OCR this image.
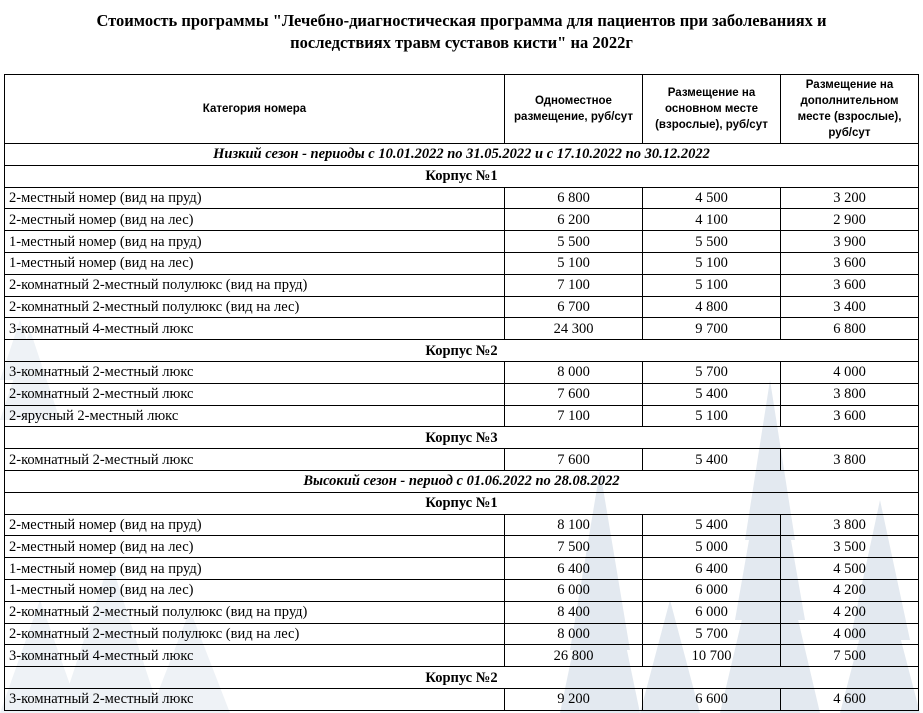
Стоимость программы "Лечебно-диагностическая программа для пациентов при заболеваниях и
последствиях травм суставов кисти" на 2022г
Категория номера	Одноместное размещение, руб/сут	Размещение на основном месте (взрослые), руб/сут	Размещение на дополнительном месте (взрослые), руб/сут
Низкий сезон - периоды с 10.01.2022 по 31.05.2022 и с 17.10.2022 по 30.12.2022			
Корпус №1			
2-местный номер (вид на пруд)	6 800	4 500	3 200
2-местный номер (вид на лес)	6 200	4 100	2 900
1-местный номер (вид на пруд)	5 500	5 500	3 900
1-местный номер (вид на лес)	5 100	5 100	3 600
2-комнатный 2-местный полулюкс (вид на пруд)	7 100	5 100	3 600
2-комнатный 2-местный полулюкс (вид на лес)	6 700	4 800	3 400
3-комнатный 4-местный люкс	24 300	9 700	6 800
Корпус №2			
3-комнатный 2-местный люкс	8 000	5 700	4 000
2-комнатный 2-местный люкс	7 600	5 400	3 800
2-ярусный 2-местный люкс	7 100	5 100	3 600
Корпус №3			
2-комнатный 2-местный люкс	7 600	5 400	3 800
Высокий сезон - период с 01.06.2022 по 28.08.2022			
Корпус №1			
2-местный номер (вид на пруд)	8 100	5 400	3 800
2-местный номер (вид на лес)	7 500	5 000	3 500
1-местный номер (вид на пруд)	6 400	6 400	4 500
1-местный номер (вид на лес)	6 000	6 000	4 200
2-комнатный 2-местный полулюкс (вид на пруд)	8 400	6 000	4 200
2-комнатный 2-местный полулюкс (вид на лес)	8 000	5 700	4 000
3-комнатный 4-местный люкс	26 800	10 700	7 500
Корпус №2			
3-комнатный 2-местный люкс	9 200	6 600	4 600
